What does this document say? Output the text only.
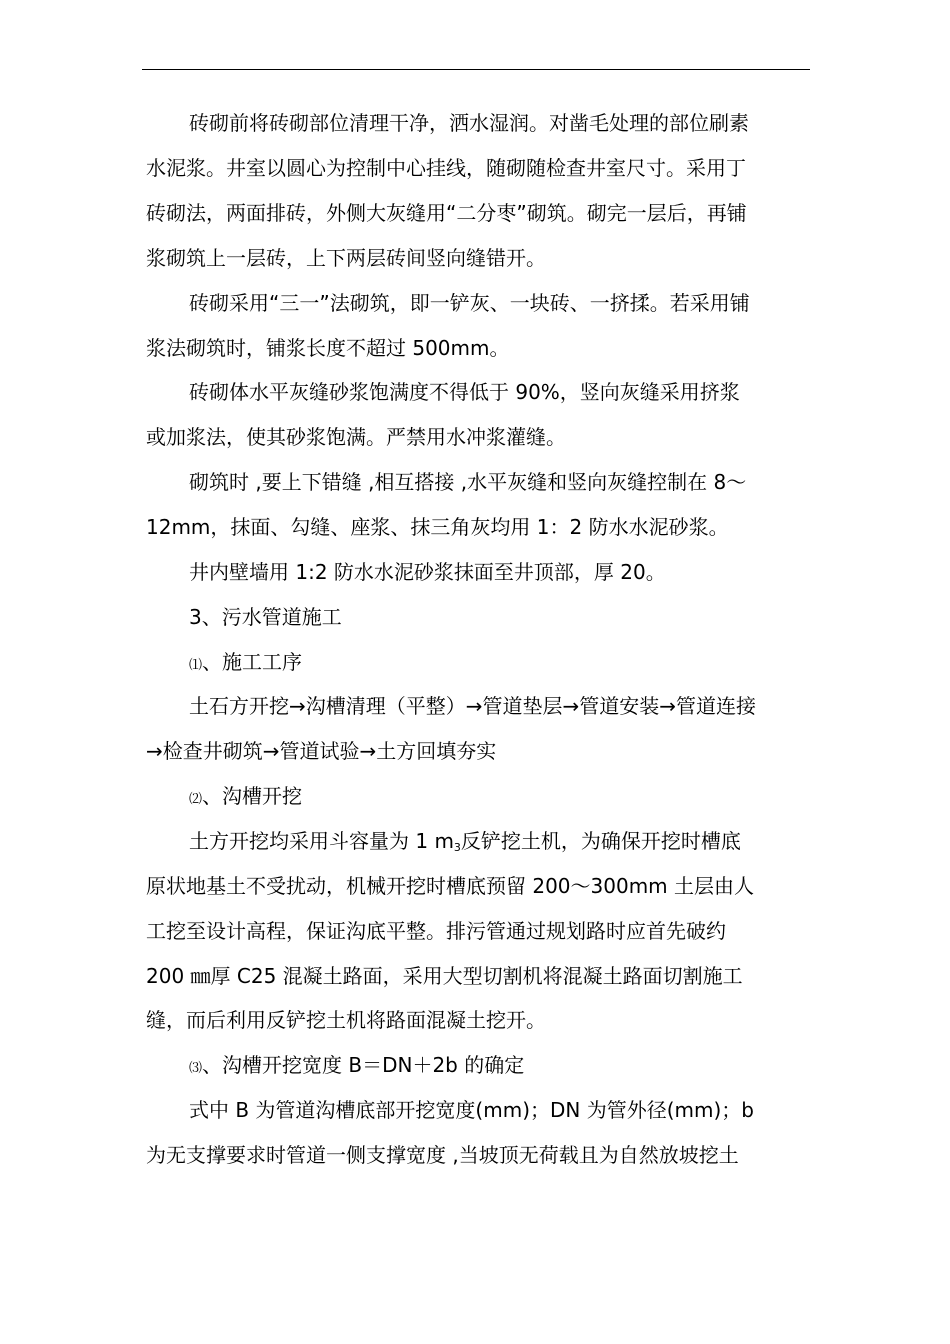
砖砌前将砖砌部位清理干净，洒水湿润。对凿毛处理的部位刷素
水泥浆。井室以圆心为控制中心挂线，随砌随检查井室尺寸。采用丁
砖砌法，两面排砖，外侧大灰缝用“二分枣”砌筑。砌完一层后，再铺
浆砌筑上一层砖，上下两层砖间竖向缝错开。
砖砌采用“三一”法砌筑，即一铲灰、一块砖、一挤揉。若采用铺
浆法砌筑时，铺浆长度不超过 500mm。
砖砌体水平灰缝砂浆饱满度不得低于 90%，竖向灰缝采用挤浆
或加浆法，使其砂浆饱满。严禁用水冲浆灌缝。
砌筑时 ,要上下错缝 ,相互搭接 ,水平灰缝和竖向灰缝控制在 8～
12mm，抹面、勾缝、座浆、抹三角灰均用 1：2 防水水泥砂浆。
井内壁墙用 1:2 防水水泥砂浆抹面至井顶部，厚 20。
3、污水管道施工
⑴、施工工序
土石方开挖→沟槽清理（平整）→管道垫层→管道安装→管道连接
→检查井砌筑→管道试验→土方回填夯实
⑵、沟槽开挖
土方开挖均采用斗容量为 1 $m_3$反铲挖土机，为确保开挖时槽底
原状地基土不受扰动，机械开挖时槽底预留 200～300mm 土层由人
工挖至设计高程，保证沟底平整。排污管通过规划路时应首先破约
200 ㎜厚 C25 混凝土路面，采用大型切割机将混凝土路面切割施工
缝，而后利用反铲挖土机将路面混凝土挖开。
⑶、沟槽开挖宽度 B＝DN＋2b 的确定
式中 B 为管道沟槽底部开挖宽度(mm)；DN 为管外径(mm)；b
为无支撑要求时管道一侧支撑宽度 ,当坡顶无荷载且为自然放坡挖土
